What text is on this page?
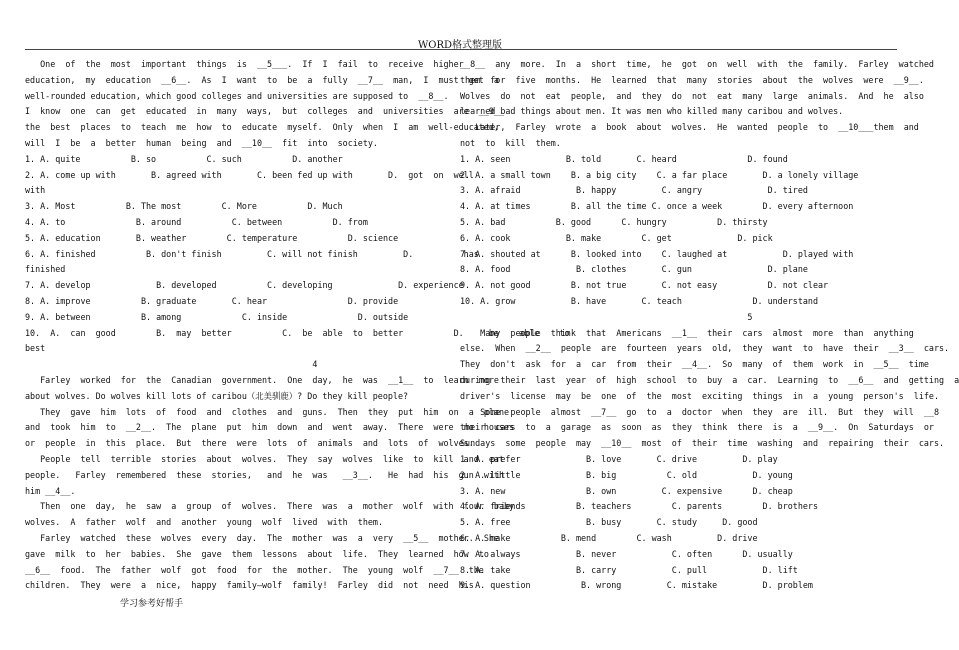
WORD格式整理版
One  of  the  most  important  things  is  __5___.  If  I  fail  to  receive  higher
education,  my  education  __6__.  As  I  want  to  be  a  fully  __7__  man,  I  must  get  a
well-rounded education, which good colleges and universities are supposed to  __8__.
I  know  one  can  get  educated  in  many  ways,  but  colleges  and  universities  are  __9__
the  best  places  to  teach  me  how  to  educate  myself.  Only  when  I  am  well-educated,
will  I  be  a  better  human  being  and  __10__  fit  into  society.
1. A. quite          B. so          C. such          D. another
2. A. come up with       B. agreed with       C. been fed up with       D.  got  on  well
with
3. A. Most          B. The most        C. More          D. Much
4. A. to              B. around          C. between          D. from
5. A. education       B. weather        C. temperature          D. science
6. A. finished          B. don't finish         C. will not finish         D.          has
finished
7. A. develop             B. developed          C. developing             D. experience
8. A. improve          B. graduate       C. hear                D. provide
9. A. between          B. among            C. inside              D. outside
10.  A.  can  good        B.  may  better          C.  be  able  to  better          D.     be    able    to
best
4
Farley  worked  for  the  Canadian  government.  One  day,  he  was  __1__  to  learn  more
about wolves. Do wolves kill lots of caribou（北美驯鹿）? Do they kill people?
They  gave  him  lots  of  food  and  clothes  and  guns.  Then  they  put  him  on  a  plane
and  took  him  to  __2__.  The  plane  put  him  down  and  went  away.  There  were  no  houses
or  people  in  this  place.  But  there  were  lots  of  animals  and  lots  of  wolves.
People  tell  terrible  stories  about  wolves.  They  say  wolves  like  to  kill  and  eat
people.   Farley  remembered  these  stories,   and  he  was   __3__.   He  had  his  gun  with
him __4__.
Then  one  day,  he  saw  a  group  of  wolves.  There  was  a  mother  wolf  with  four  baby
wolves.  A  father  wolf  and  another  young  wolf  lived  with  them.
Farley  watched  these  wolves  every  day.  The  mother  was  a  very  __5__  mother.  She
gave  milk  to  her  babies.  She  gave  them  lessons  about  life.  They  learned  how  to
__6__  food.  The  father  wolf  got  food  for  the  mother.  The  young  wolf  __7__  the
children.  They  were  a  nice,  happy  family—wolf  family!  Farley  did  not  need  his
__8__  any  more.  In  a  short  time,  he  got  on  well  with  the  family.  Farley  watched
them  for  five  months.  He  learned  that  many  stories  about  the  wolves  were  __9__.
Wolves  do  not  eat  people,  and  they  do  not  eat  many  large  animals.  And  he  also
learned bad things about men. It was men who killed many caribou and wolves.
Later,  Farley  wrote  a  book  about  wolves.  He  wanted  people  to  __10___them  and
not  to  kill  them.
1. A. seen           B. told       C. heard              D. found
2. A. a small town    B. a big city    C. a far place       D. a lonely village
3. A. afraid           B. happy         C. angry             D. tired
4. A. at times        B. all the time C. once a week        D. every afternoon
5. A. bad          B. good      C. hungry          D. thirsty
6. A. cook           B. make        C. get             D. pick
7. A. shouted at      B. looked into    C. laughed at           D. played with
8. A. food             B. clothes       C. gun               D. plane
9. A. not good        B. not true       C. not easy          D. not clear
10. A. grow           B. have       C. teach              D. understand
5
Many  people  think  that  Americans  __1__  their  cars  almost  more  than  anything
else.  When  __2__  people  are  fourteen  years  old,  they  want  to  have  their  __3__  cars.
They  don't  ask  for  a  car  from  their  __4__.  So  many  of  them  work  in  __5__  time
during  their  last  year  of  high  school  to  buy  a  car.  Learning  to  __6__  and  getting  a
driver's  license  may  be  one  of  the  most  exciting  things  in  a  young  person's  life.
Some  people  almost  __7__  go  to  a  doctor  when  they  are  ill.  But  they  will  __8
their  cars  to  a  garage  as  soon  as  they  think  there  is  a  __9__.  On  Saturdays  or
Sundays  some  people  may  __10__  most  of  their  time  washing  and  repairing  their  cars.
1. A. prefer             B. love       C. drive         D. play
2. A. little             B. big          C. old           D. young
3. A. new                B. own         C. expensive      D. cheap
4. A. friends          B. teachers        C. parents        D. brothers
5. A. free               B. busy       C. study     D. good
6. A. make          B. mend        C. wash         D. drive
7. A. always           B. never           C. often      D. usually
8. A. take             B. carry           C. pull           D. lift
9. A. question          B. wrong         C. mistake         D. problem
学习参考好帮手
